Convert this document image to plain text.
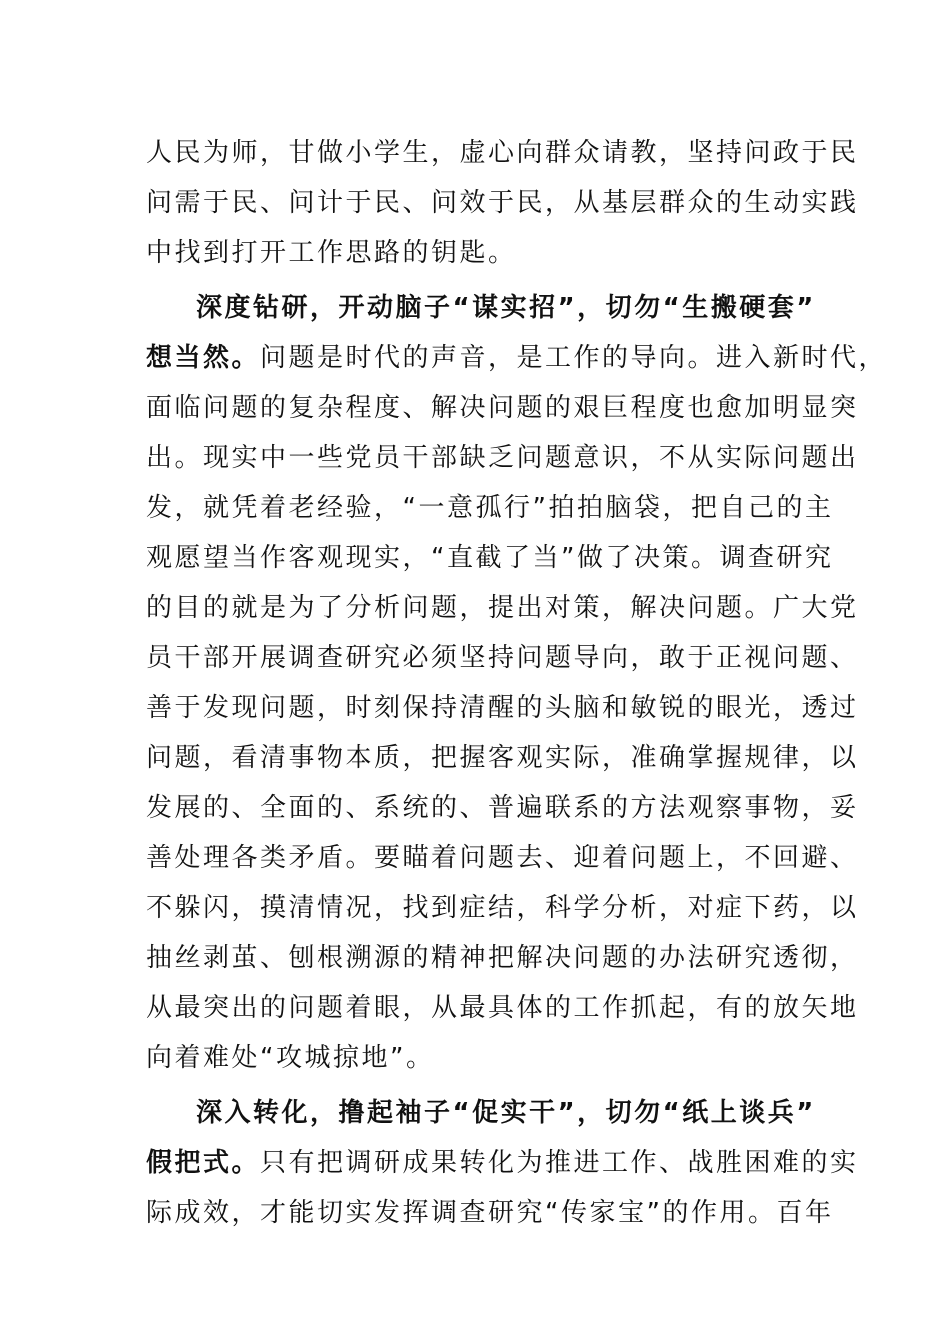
人民为师，甘做小学生，虚心向群众请教，坚持问政于民
问需于民、问计于民、问效于民，从基层群众的生动实践
中找到打开工作思路的钥匙。
深度钻研，开动脑子“谋实招”，切勿“生搬硬套”
想当然。问题是时代的声音，是工作的导向。进入新时代，
面临问题的复杂程度、解决问题的艰巨程度也愈加明显突
出。现实中一些党员干部缺乏问题意识，不从实际问题出
发，就凭着老经验，“一意孤行”拍拍脑袋，把自己的主
观愿望当作客观现实，“直截了当”做了决策。调查研究
的目的就是为了分析问题，提出对策，解决问题。广大党
员干部开展调查研究必须坚持问题导向，敢于正视问题、
善于发现问题，时刻保持清醒的头脑和敏锐的眼光，透过
问题，看清事物本质，把握客观实际，准确掌握规律，以
发展的、全面的、系统的、普遍联系的方法观察事物，妥
善处理各类矛盾。要瞄着问题去、迎着问题上，不回避、
不躲闪，摸清情况，找到症结，科学分析，对症下药，以
抽丝剥茧、刨根溯源的精神把解决问题的办法研究透彻，
从最突出的问题着眼，从最具体的工作抓起，有的放矢地
向着难处“攻城掠地”。
深入转化，撸起袖子“促实干”，切勿“纸上谈兵”
假把式。只有把调研成果转化为推进工作、战胜困难的实
际成效，才能切实发挥调查研究“传家宝”的作用。百年
